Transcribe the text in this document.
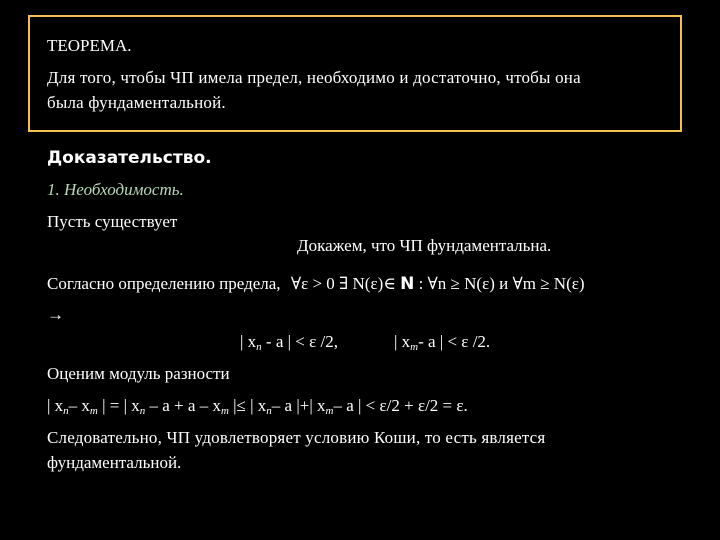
ТЕОРЕМА.
Для того, чтобы ЧП имела предел, необходимо и достаточно, чтобы она
была фундаментальной.
Доказательство.
1. Необходимость.
Пусть существует
Докажем, что ЧП фундаментальна.
Согласно определению предела, ∀ε > 0 ∃ N(ε)∈ N : ∀n ≥ N(ε) и ∀m ≥ N(ε)
→
| $x_n$ - a | < ε /2,	| $x_m-$ a | < ε /2.
Оценим модуль разности
| $x_n-$ $x_m$ | = | $x_n - a + a - x_m$ |≤ | $x_n-$ a |+| $x_m-$ a | < ε/2 + ε/2 = ε.
Следовательно, ЧП удовлетворяет условию Коши, то есть является
фундаментальной.
